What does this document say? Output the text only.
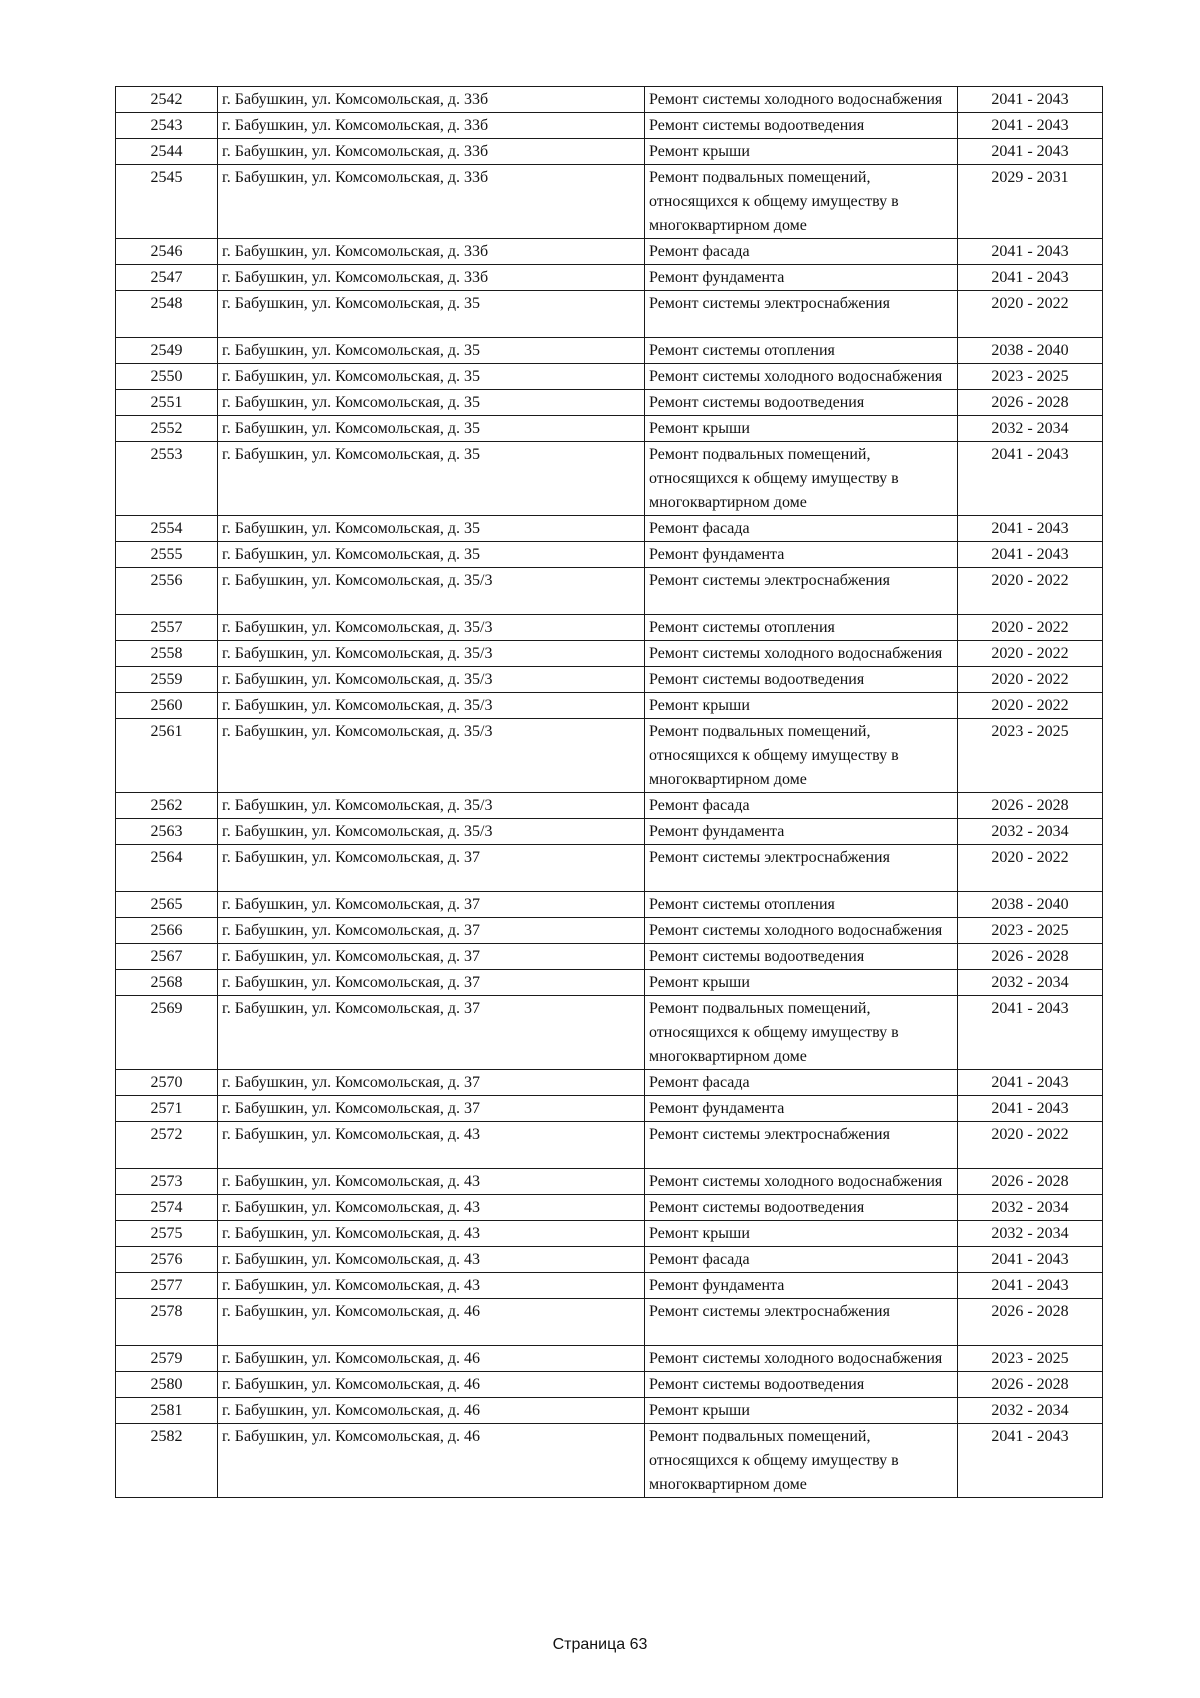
2542	г. Бабушкин, ул. Комсомольская, д. 33б	Ремонт системы холодного водоснабжения	2041 - 2043
2543	г. Бабушкин, ул. Комсомольская, д. 33б	Ремонт системы водоотведения	2041 - 2043
2544	г. Бабушкин, ул. Комсомольская, д. 33б	Ремонт крыши	2041 - 2043
2545	г. Бабушкин, ул. Комсомольская, д. 33б	Ремонт подвальных помещений, относящихся к общему имуществу в многоквартирном доме	2029 - 2031
2546	г. Бабушкин, ул. Комсомольская, д. 33б	Ремонт фасада	2041 - 2043
2547	г. Бабушкин, ул. Комсомольская, д. 33б	Ремонт фундамента	2041 - 2043
2548	г. Бабушкин, ул. Комсомольская, д. 35	Ремонт системы электроснабжения	2020 - 2022
2549	г. Бабушкин, ул. Комсомольская, д. 35	Ремонт системы отопления	2038 - 2040
2550	г. Бабушкин, ул. Комсомольская, д. 35	Ремонт системы холодного водоснабжения	2023 - 2025
2551	г. Бабушкин, ул. Комсомольская, д. 35	Ремонт системы водоотведения	2026 - 2028
2552	г. Бабушкин, ул. Комсомольская, д. 35	Ремонт крыши	2032 - 2034
2553	г. Бабушкин, ул. Комсомольская, д. 35	Ремонт подвальных помещений, относящихся к общему имуществу в многоквартирном доме	2041 - 2043
2554	г. Бабушкин, ул. Комсомольская, д. 35	Ремонт фасада	2041 - 2043
2555	г. Бабушкин, ул. Комсомольская, д. 35	Ремонт фундамента	2041 - 2043
2556	г. Бабушкин, ул. Комсомольская, д. 35/3	Ремонт системы электроснабжения	2020 - 2022
2557	г. Бабушкин, ул. Комсомольская, д. 35/3	Ремонт системы отопления	2020 - 2022
2558	г. Бабушкин, ул. Комсомольская, д. 35/3	Ремонт системы холодного водоснабжения	2020 - 2022
2559	г. Бабушкин, ул. Комсомольская, д. 35/3	Ремонт системы водоотведения	2020 - 2022
2560	г. Бабушкин, ул. Комсомольская, д. 35/3	Ремонт крыши	2020 - 2022
2561	г. Бабушкин, ул. Комсомольская, д. 35/3	Ремонт подвальных помещений, относящихся к общему имуществу в многоквартирном доме	2023 - 2025
2562	г. Бабушкин, ул. Комсомольская, д. 35/3	Ремонт фасада	2026 - 2028
2563	г. Бабушкин, ул. Комсомольская, д. 35/3	Ремонт фундамента	2032 - 2034
2564	г. Бабушкин, ул. Комсомольская, д. 37	Ремонт системы электроснабжения	2020 - 2022
2565	г. Бабушкин, ул. Комсомольская, д. 37	Ремонт системы отопления	2038 - 2040
2566	г. Бабушкин, ул. Комсомольская, д. 37	Ремонт системы холодного водоснабжения	2023 - 2025
2567	г. Бабушкин, ул. Комсомольская, д. 37	Ремонт системы водоотведения	2026 - 2028
2568	г. Бабушкин, ул. Комсомольская, д. 37	Ремонт крыши	2032 - 2034
2569	г. Бабушкин, ул. Комсомольская, д. 37	Ремонт подвальных помещений, относящихся к общему имуществу в многоквартирном доме	2041 - 2043
2570	г. Бабушкин, ул. Комсомольская, д. 37	Ремонт фасада	2041 - 2043
2571	г. Бабушкин, ул. Комсомольская, д. 37	Ремонт фундамента	2041 - 2043
2572	г. Бабушкин, ул. Комсомольская, д. 43	Ремонт системы электроснабжения	2020 - 2022
2573	г. Бабушкин, ул. Комсомольская, д. 43	Ремонт системы холодного водоснабжения	2026 - 2028
2574	г. Бабушкин, ул. Комсомольская, д. 43	Ремонт системы водоотведения	2032 - 2034
2575	г. Бабушкин, ул. Комсомольская, д. 43	Ремонт крыши	2032 - 2034
2576	г. Бабушкин, ул. Комсомольская, д. 43	Ремонт фасада	2041 - 2043
2577	г. Бабушкин, ул. Комсомольская, д. 43	Ремонт фундамента	2041 - 2043
2578	г. Бабушкин, ул. Комсомольская, д. 46	Ремонт системы электроснабжения	2026 - 2028
2579	г. Бабушкин, ул. Комсомольская, д. 46	Ремонт системы холодного водоснабжения	2023 - 2025
2580	г. Бабушкин, ул. Комсомольская, д. 46	Ремонт системы водоотведения	2026 - 2028
2581	г. Бабушкин, ул. Комсомольская, д. 46	Ремонт крыши	2032 - 2034
2582	г. Бабушкин, ул. Комсомольская, д. 46	Ремонт подвальных помещений, относящихся к общему имуществу в многоквартирном доме	2041 - 2043
Страница 63
